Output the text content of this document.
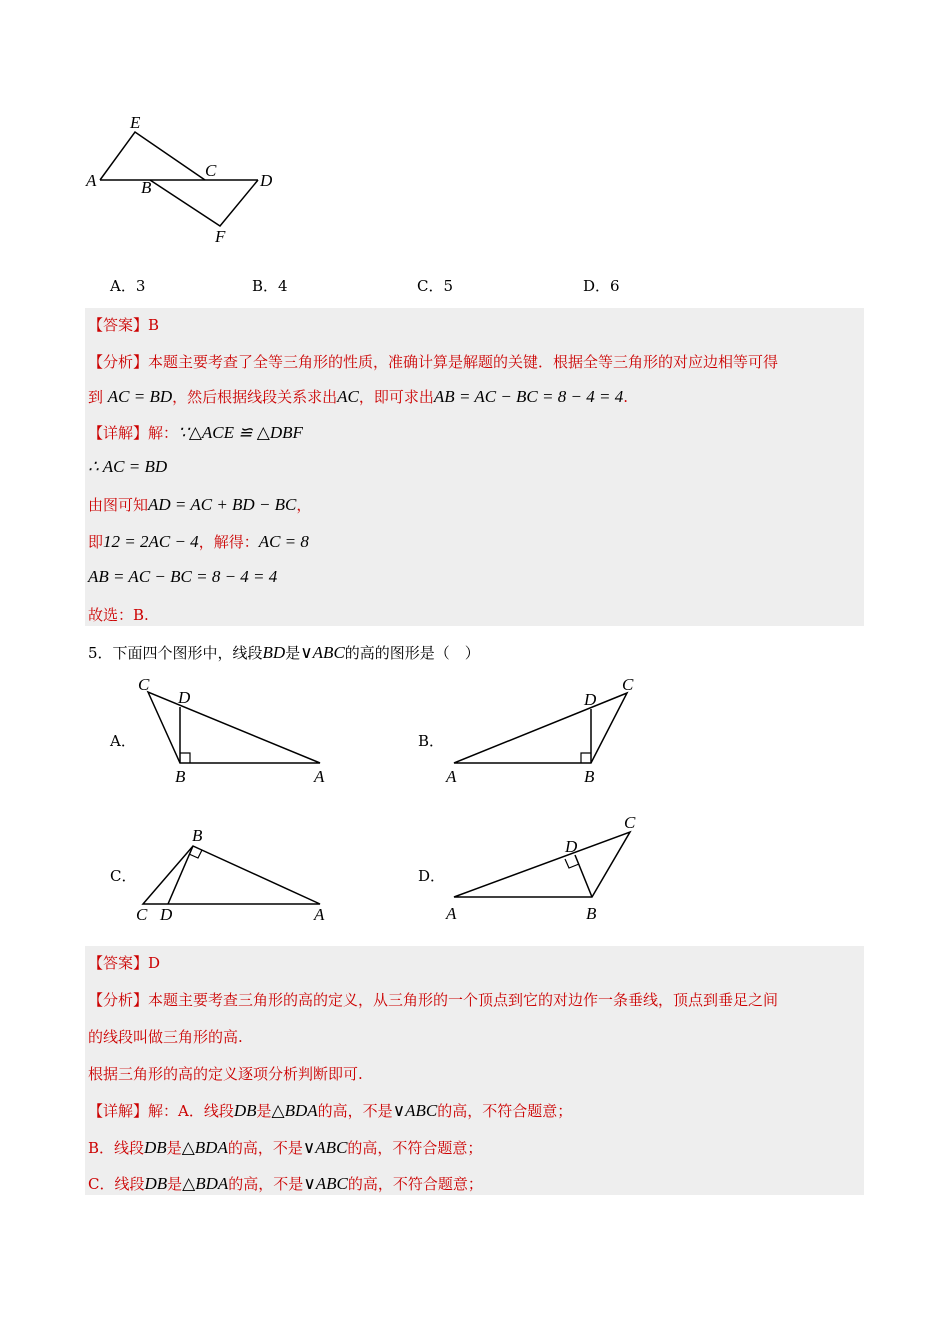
E
A	B
C
D
F
A．3	B．4	C．5	D．6
【答案】B
【分析】本题主要考查了全等三角形的性质，准确计算是解题的关键．根据全等三角形的对应边相等可得
到 AC = BD，然后根据线段关系求出AC，即可求出AB = AC − BC = 8 − 4 = 4.
【详解】解：∵△ACE ≌ △DBF
∴ AC = BD
由图可知AD = AC + BD − BC，
即12 = 2AC − 4，解得：AC = 8
AB = AC − BC = 8 − 4 = 4
故选：B.
5．下面四个图形中，线段BD是∨ABC的高的图形是（　）
A．	B．
C．	D．
C
D
B	A
D
C
A	B
B
C D	A
C
D
A	B
【答案】D
【分析】本题主要考查三角形的高的定义，从三角形的一个顶点到它的对边作一条垂线，顶点到垂足之间
的线段叫做三角形的高.
根据三角形的高的定义逐项分析判断即可.
【详解】解：A．线段DB是△BDA的高，不是∨ABC的高，不符合题意；
B．线段DB是△BDA的高，不是∨ABC的高，不符合题意；
C．线段DB是△BDA的高，不是∨ABC的高，不符合题意；
